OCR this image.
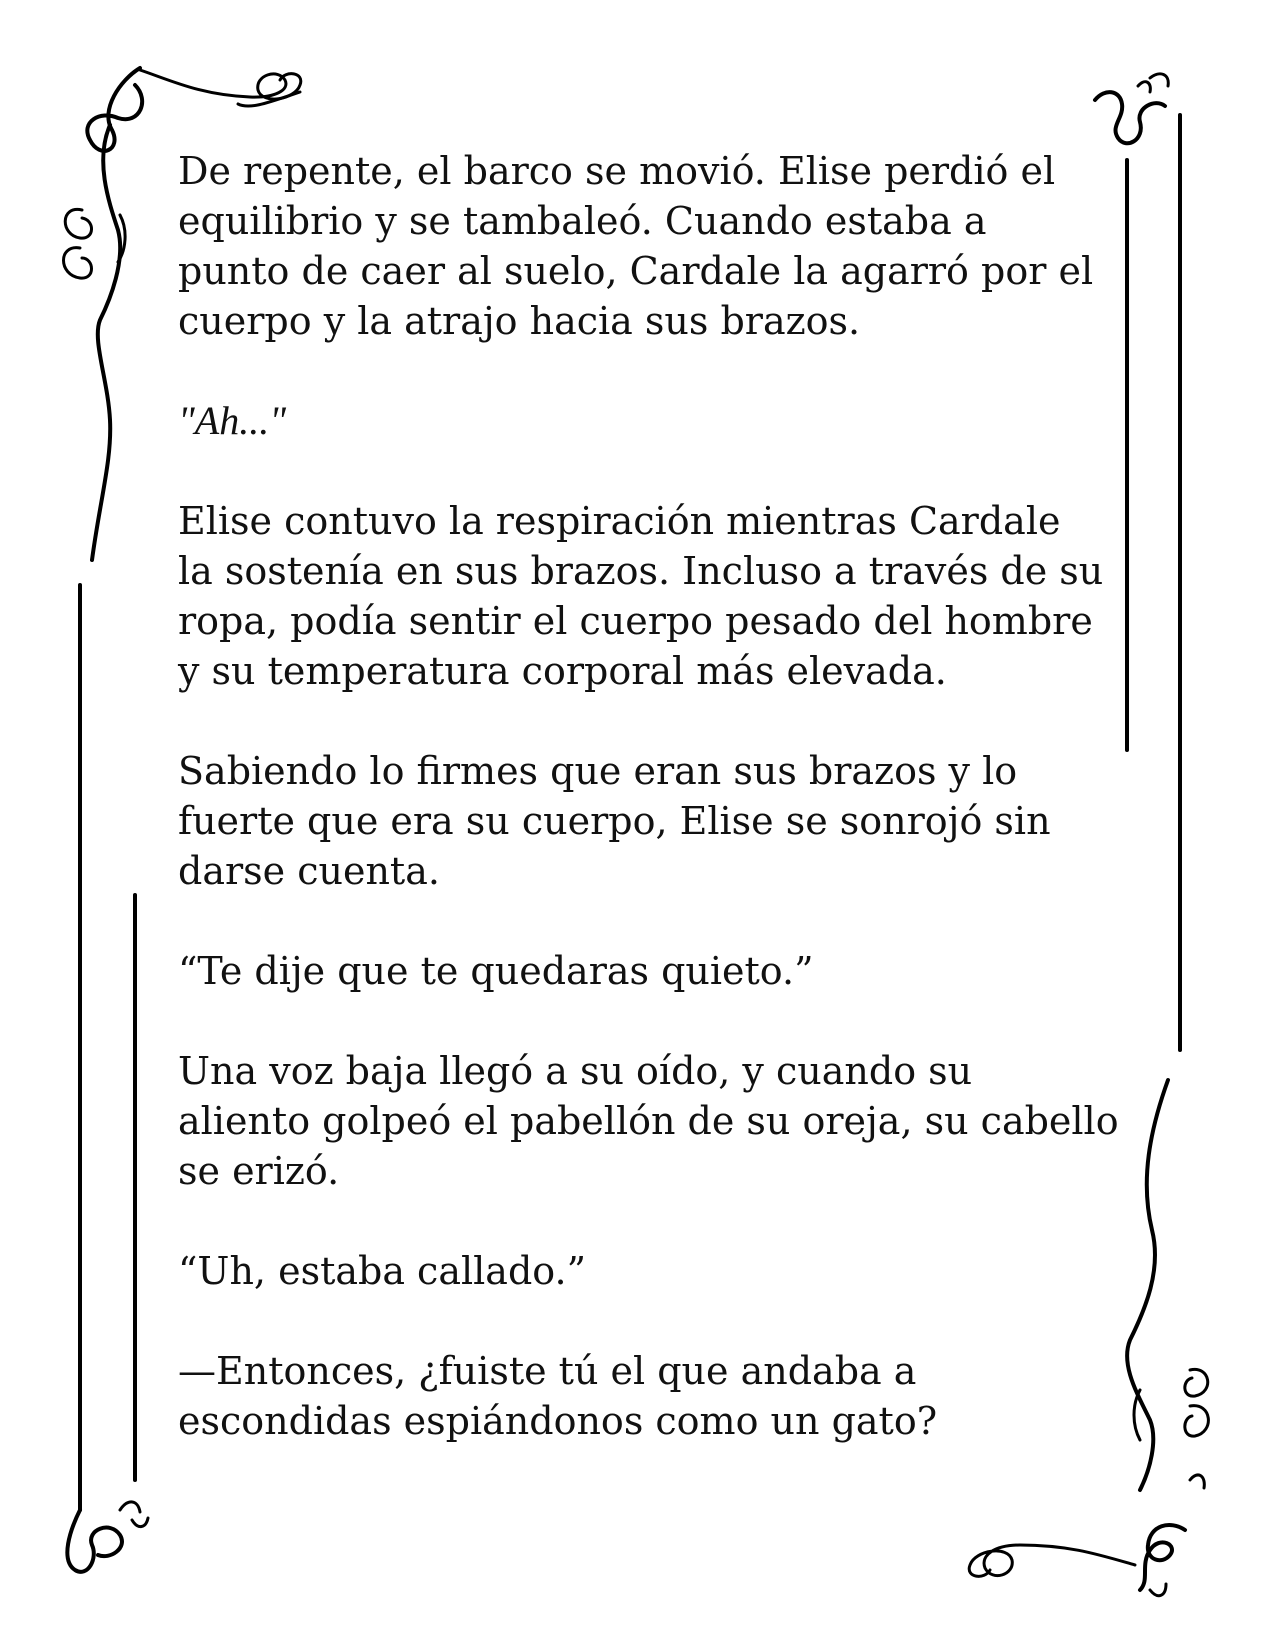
De repente, el barco se movió. Elise perdió el
equilibrio y se tambaleó. Cuando estaba a
punto de caer al suelo, Cardale la agarró por el
cuerpo y la atrajo hacia sus brazos.

"Ah..."

Elise contuvo la respiración mientras Cardale
la sostenía en sus brazos. Incluso a través de su
ropa, podía sentir el cuerpo pesado del hombre
y su temperatura corporal más elevada.

Sabiendo lo firmes que eran sus brazos y lo
fuerte que era su cuerpo, Elise se sonrojó sin
darse cuenta.

“Te dije que te quedaras quieto.”

Una voz baja llegó a su oído, y cuando su
aliento golpeó el pabellón de su oreja, su cabello
se erizó.

“Uh, estaba callado.”

—Entonces, ¿fuiste tú el que andaba a
escondidas espiándonos como un gato?
